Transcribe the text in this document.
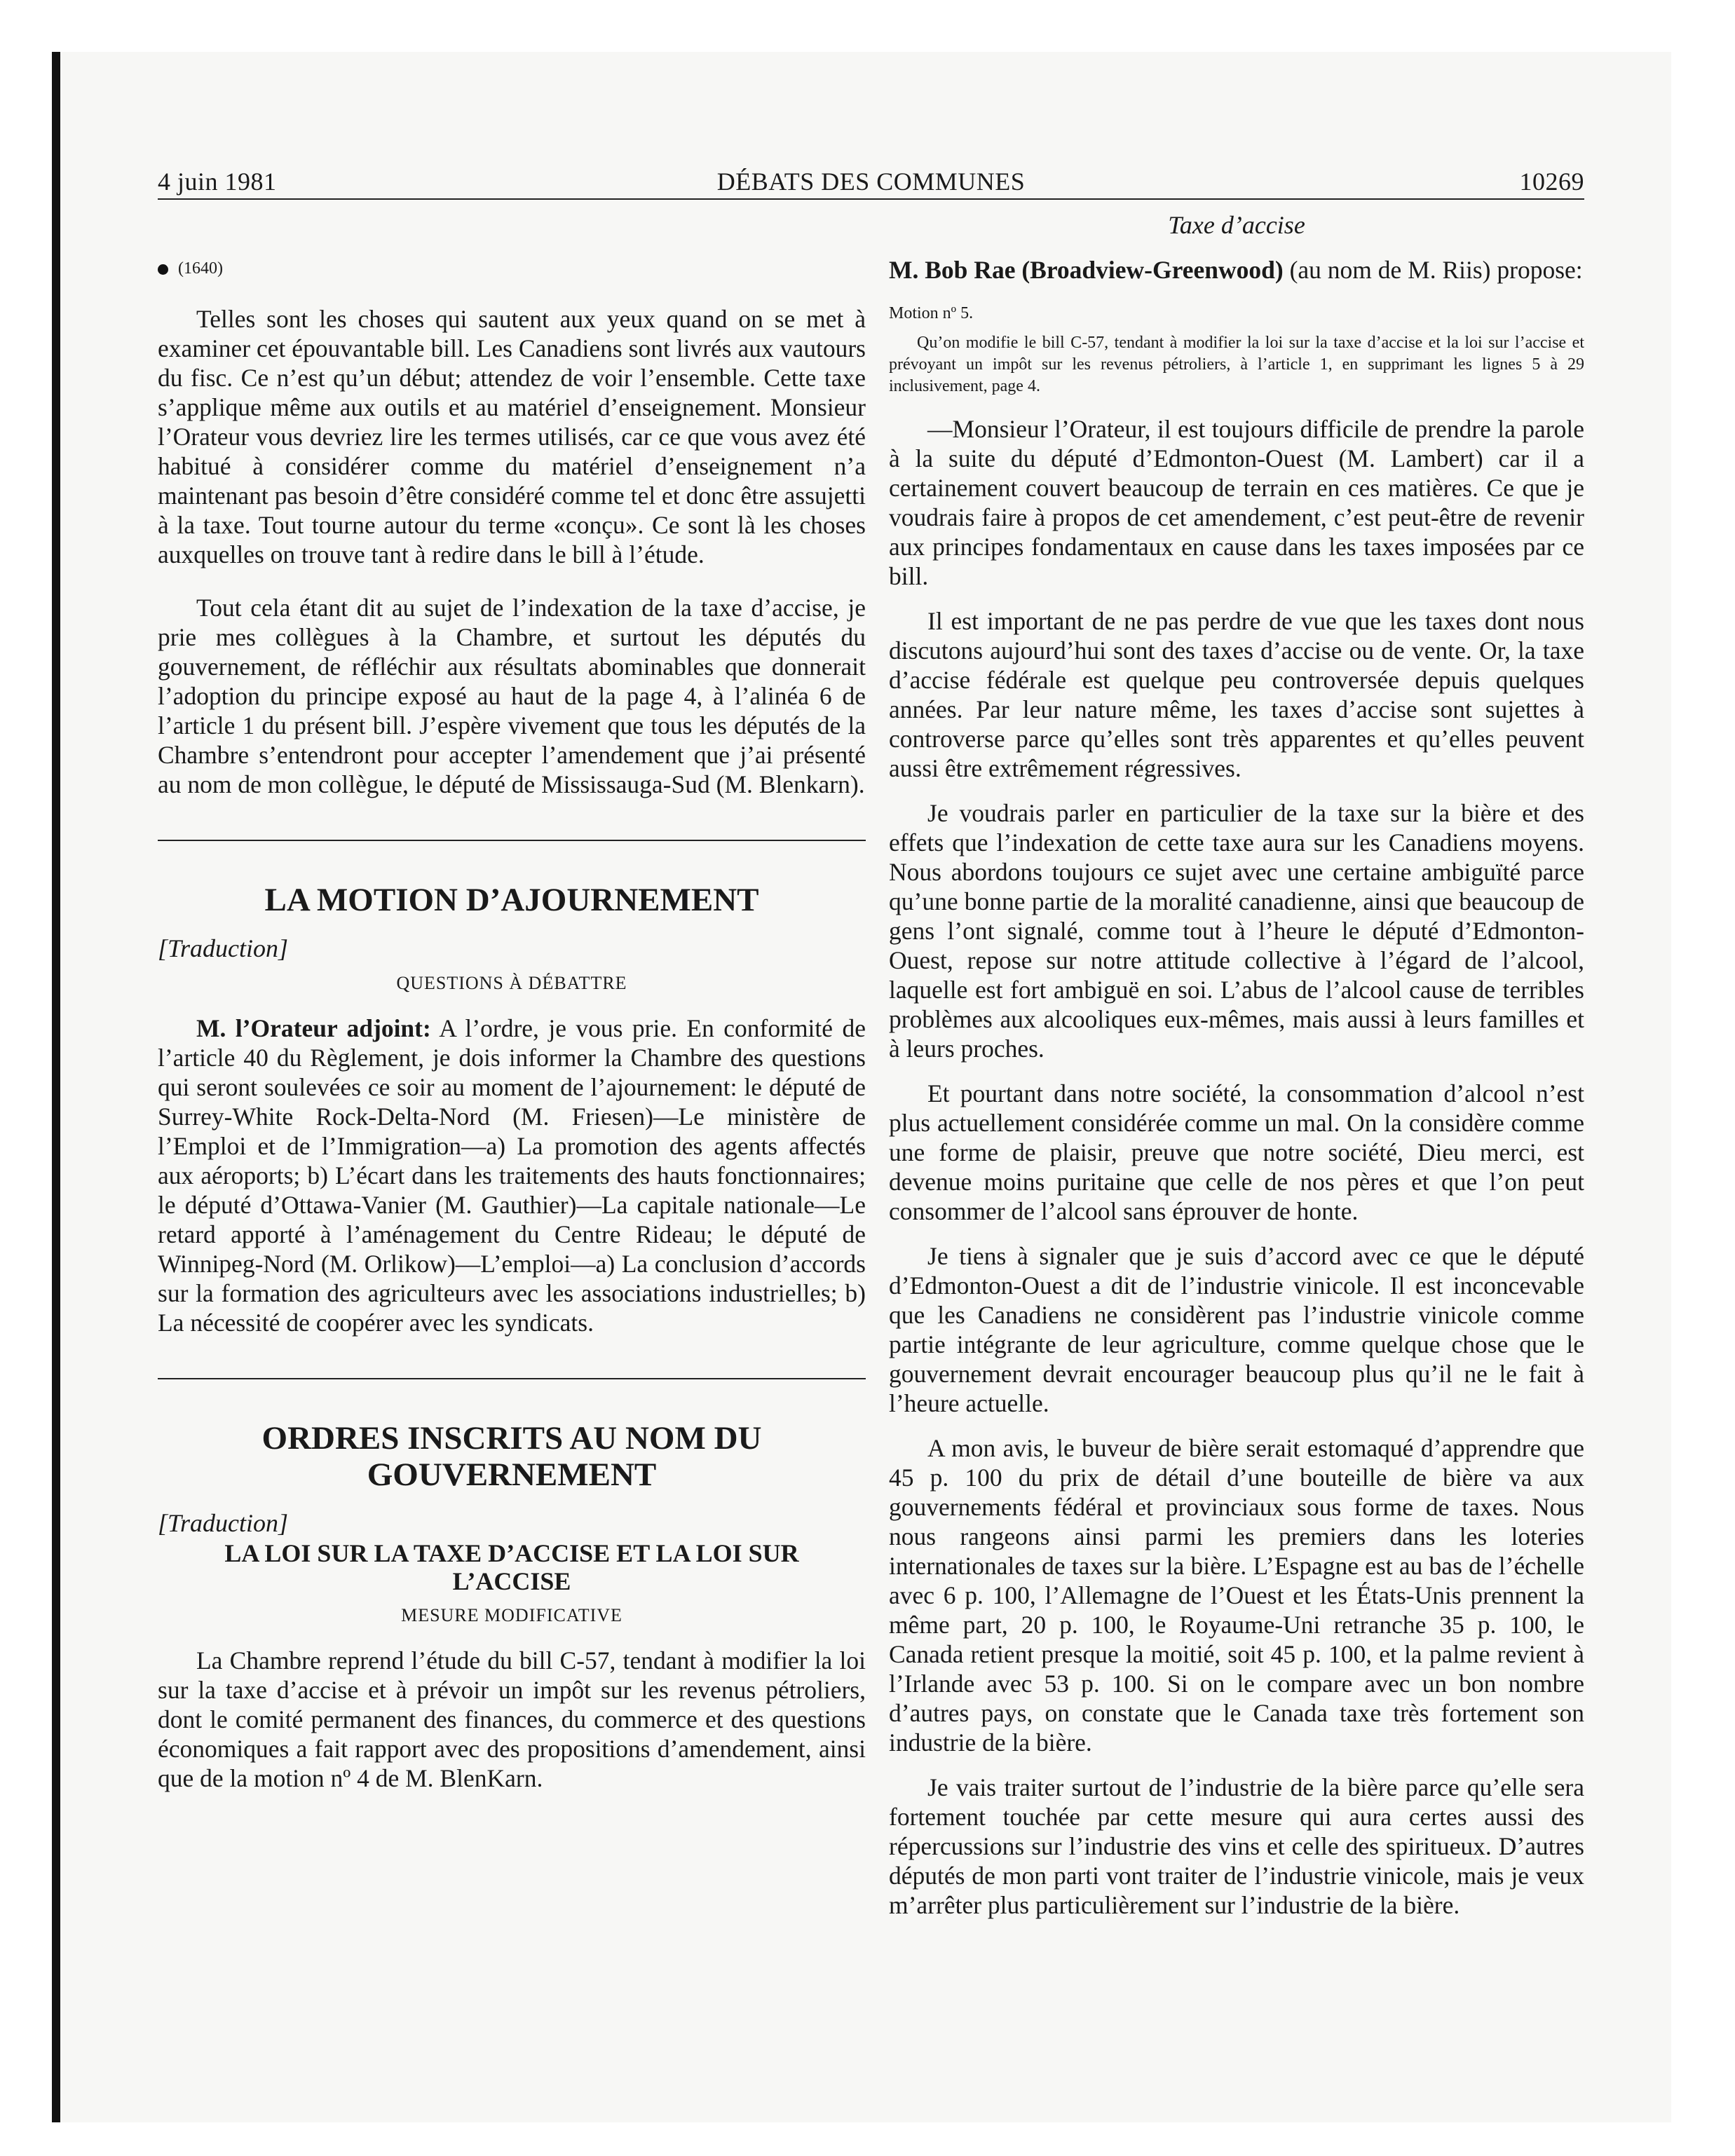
4 juin 1981	DÉBATS DES COMMUNES	10269
(1640)

Telles sont les choses qui sautent aux yeux quand on se met à examiner cet épouvantable bill. Les Canadiens sont livrés aux vautours du fisc. Ce n’est qu’un début; attendez de voir l’ensemble. Cette taxe s’applique même aux outils et au matériel d’enseignement. Monsieur l’Orateur vous devriez lire les termes utilisés, car ce que vous avez été habitué à considérer comme du matériel d’enseignement n’a maintenant pas besoin d’être considéré comme tel et donc être assujetti à la taxe. Tout tourne autour du terme «conçu». Ce sont là les choses auxquelles on trouve tant à redire dans le bill à l’étude.

Tout cela étant dit au sujet de l’indexation de la taxe d’accise, je prie mes collègues à la Chambre, et surtout les députés du gouvernement, de réfléchir aux résultats abominables que donnerait l’adoption du principe exposé au haut de la page 4, à l’alinéa 6 de l’article 1 du présent bill. J’espère vivement que tous les députés de la Chambre s’entendront pour accepter l’amendement que j’ai présenté au nom de mon collègue, le député de Mississauga-Sud (M. Blenkarn).

LA MOTION D’AJOURNEMENT

[Traduction]

QUESTIONS À DÉBATTRE

M. l’Orateur adjoint: A l’ordre, je vous prie. En conformité de l’article 40 du Règlement, je dois informer la Chambre des questions qui seront soulevées ce soir au moment de l’ajournement: le député de Surrey-White Rock-Delta-Nord (M. Friesen)—Le ministère de l’Emploi et de l’Immigration—a) La promotion des agents affectés aux aéroports; b) L’écart dans les traitements des hauts fonctionnaires; le député d’Ottawa-Vanier (M. Gauthier)—La capitale nationale—Le retard apporté à l’aménagement du Centre Rideau; le député de Winnipeg-Nord (M. Orlikow)—L’emploi—a) La conclusion d’accords sur la formation des agriculteurs avec les associations industrielles; b) La nécessité de coopérer avec les syndicats.

ORDRES INSCRITS AU NOM DU
GOUVERNEMENT

[Traduction]

LA LOI SUR LA TAXE D’ACCISE ET LA LOI SUR
L’ACCISE

MESURE MODIFICATIVE

La Chambre reprend l’étude du bill C-57, tendant à modifier la loi sur la taxe d’accise et à prévoir un impôt sur les revenus pétroliers, dont le comité permanent des finances, du commerce et des questions économiques a fait rapport avec des propositions d’amendement, ainsi que de la motion nº 4 de M. BlenKarn.

Taxe d’accise

M. Bob Rae (Broadview-Greenwood) (au nom de M. Riis) propose:

Motion nº 5.

Qu’on modifie le bill C-57, tendant à modifier la loi sur la taxe d’accise et la loi sur l’accise et prévoyant un impôt sur les revenus pétroliers, à l’article 1, en supprimant les lignes 5 à 29 inclusivement, page 4.

—Monsieur l’Orateur, il est toujours difficile de prendre la parole à la suite du député d’Edmonton-Ouest (M. Lambert) car il a certainement couvert beaucoup de terrain en ces matières. Ce que je voudrais faire à propos de cet amendement, c’est peut-être de revenir aux principes fondamentaux en cause dans les taxes imposées par ce bill.

Il est important de ne pas perdre de vue que les taxes dont nous discutons aujourd’hui sont des taxes d’accise ou de vente. Or, la taxe d’accise fédérale est quelque peu controversée depuis quelques années. Par leur nature même, les taxes d’accise sont sujettes à controverse parce qu’elles sont très apparentes et qu’elles peuvent aussi être extrêmement régressives.

Je voudrais parler en particulier de la taxe sur la bière et des effets que l’indexation de cette taxe aura sur les Canadiens moyens. Nous abordons toujours ce sujet avec une certaine ambiguïté parce qu’une bonne partie de la moralité canadienne, ainsi que beaucoup de gens l’ont signalé, comme tout à l’heure le député d’Edmonton-Ouest, repose sur notre attitude collective à l’égard de l’alcool, laquelle est fort ambiguë en soi. L’abus de l’alcool cause de terribles problèmes aux alcooliques eux-mêmes, mais aussi à leurs familles et à leurs proches.

Et pourtant dans notre société, la consommation d’alcool n’est plus actuellement considérée comme un mal. On la considère comme une forme de plaisir, preuve que notre société, Dieu merci, est devenue moins puritaine que celle de nos pères et que l’on peut consommer de l’alcool sans éprouver de honte.

Je tiens à signaler que je suis d’accord avec ce que le député d’Edmonton-Ouest a dit de l’industrie vinicole. Il est inconcevable que les Canadiens ne considèrent pas l’industrie vinicole comme partie intégrante de leur agriculture, comme quelque chose que le gouvernement devrait encourager beaucoup plus qu’il ne le fait à l’heure actuelle.

A mon avis, le buveur de bière serait estomaqué d’apprendre que 45 p. 100 du prix de détail d’une bouteille de bière va aux gouvernements fédéral et provinciaux sous forme de taxes. Nous nous rangeons ainsi parmi les premiers dans les loteries internationales de taxes sur la bière. L’Espagne est au bas de l’échelle avec 6 p. 100, l’Allemagne de l’Ouest et les États-Unis prennent la même part, 20 p. 100, le Royaume-Uni retranche 35 p. 100, le Canada retient presque la moitié, soit 45 p. 100, et la palme revient à l’Irlande avec 53 p. 100. Si on le compare avec un bon nombre d’autres pays, on constate que le Canada taxe très fortement son industrie de la bière.

Je vais traiter surtout de l’industrie de la bière parce qu’elle sera fortement touchée par cette mesure qui aura certes aussi des répercussions sur l’industrie des vins et celle des spiritueux. D’autres députés de mon parti vont traiter de l’industrie vinicole, mais je veux m’arrêter plus particulièrement sur l’industrie de la bière.
